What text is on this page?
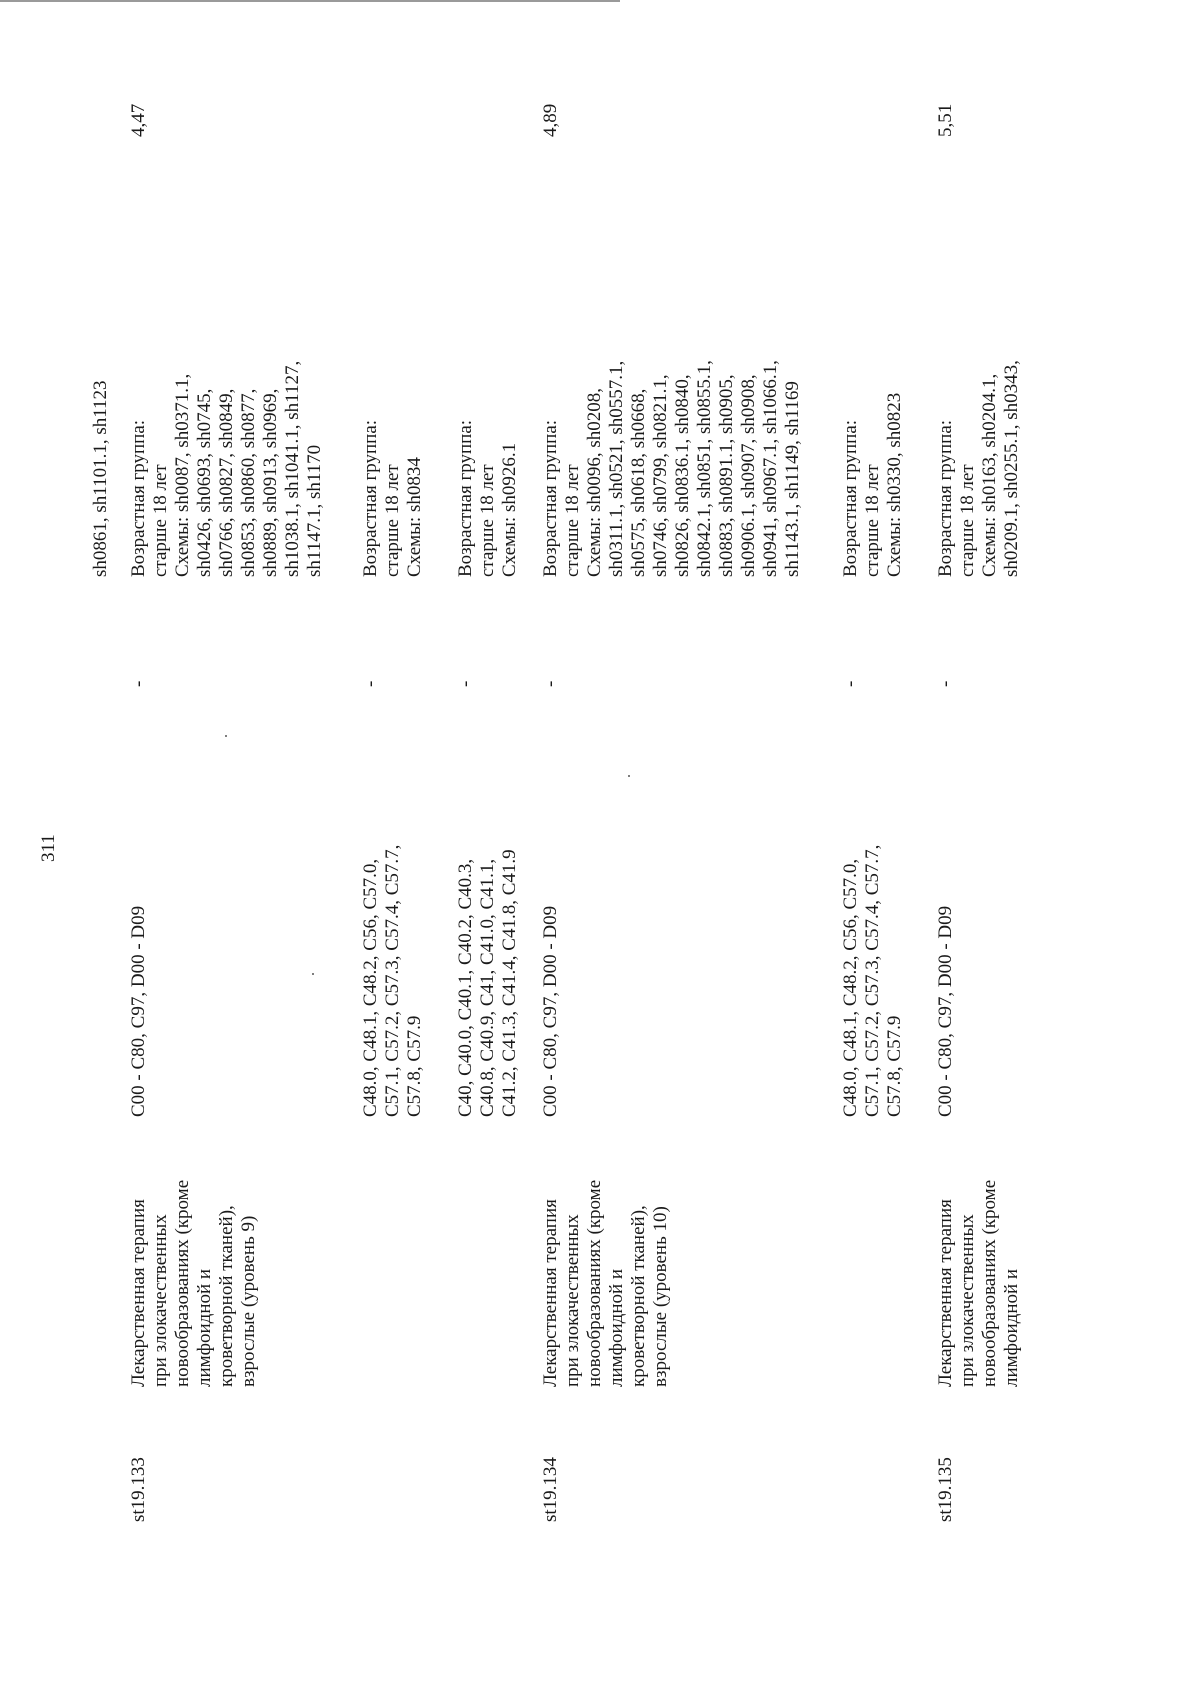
311
sh0861, sh1101.1, sh1123
st19.133
Лекарственная терапия
при злокачественных
новообразованиях (кроме
лимфоидной и
кроветворной тканей),
взрослые (уровень 9)
C00 - C80, C97, D00 - D09
-
Возрастная группа:
старше 18 лет
Схемы: sh0087, sh0371.1,
sh0426, sh0693, sh0745,
sh0766, sh0827, sh0849,
sh0853, sh0860, sh0877,
sh0889, sh0913, sh0969,
sh1038.1, sh1041.1, sh1127,
sh1147.1, sh1170
4,47
C48.0, C48.1, C48.2, C56, C57.0,
C57.1, C57.2, C57.3, C57.4, C57.7,
C57.8, C57.9
-
Возрастная группа:
старше 18 лет
Схемы: sh0834
C40, C40.0, C40.1, C40.2, C40.3,
C40.8, C40.9, C41, C41.0, C41.1,
C41.2, C41.3, C41.4, C41.8, C41.9
-
Возрастная группа:
старше 18 лет
Схемы: sh0926.1
st19.134
Лекарственная терапия
при злокачественных
новообразованиях (кроме
лимфоидной и
кроветворной тканей),
взрослые (уровень 10)
C00 - C80, C97, D00 - D09
-
Возрастная группа:
старше 18 лет
Схемы: sh0096, sh0208,
sh0311.1, sh0521, sh0557.1,
sh0575, sh0618, sh0668,
sh0746, sh0799, sh0821.1,
sh0826, sh0836.1, sh0840,
sh0842.1, sh0851, sh0855.1,
sh0883, sh0891.1, sh0905,
sh0906.1, sh0907, sh0908,
sh0941, sh0967.1, sh1066.1,
sh1143.1, sh1149, sh1169
4,89
C48.0, C48.1, C48.2, C56, C57.0,
C57.1, C57.2, C57.3, C57.4, C57.7,
C57.8, C57.9
-
Возрастная группа:
старше 18 лет
Схемы: sh0330, sh0823
st19.135
Лекарственная терапия
при злокачественных
новообразованиях (кроме
лимфоидной и
C00 - C80, C97, D00 - D09
-
Возрастная группа:
старше 18 лет
Схемы: sh0163, sh0204.1,
sh0209.1, sh0255.1, sh0343,
5,51
